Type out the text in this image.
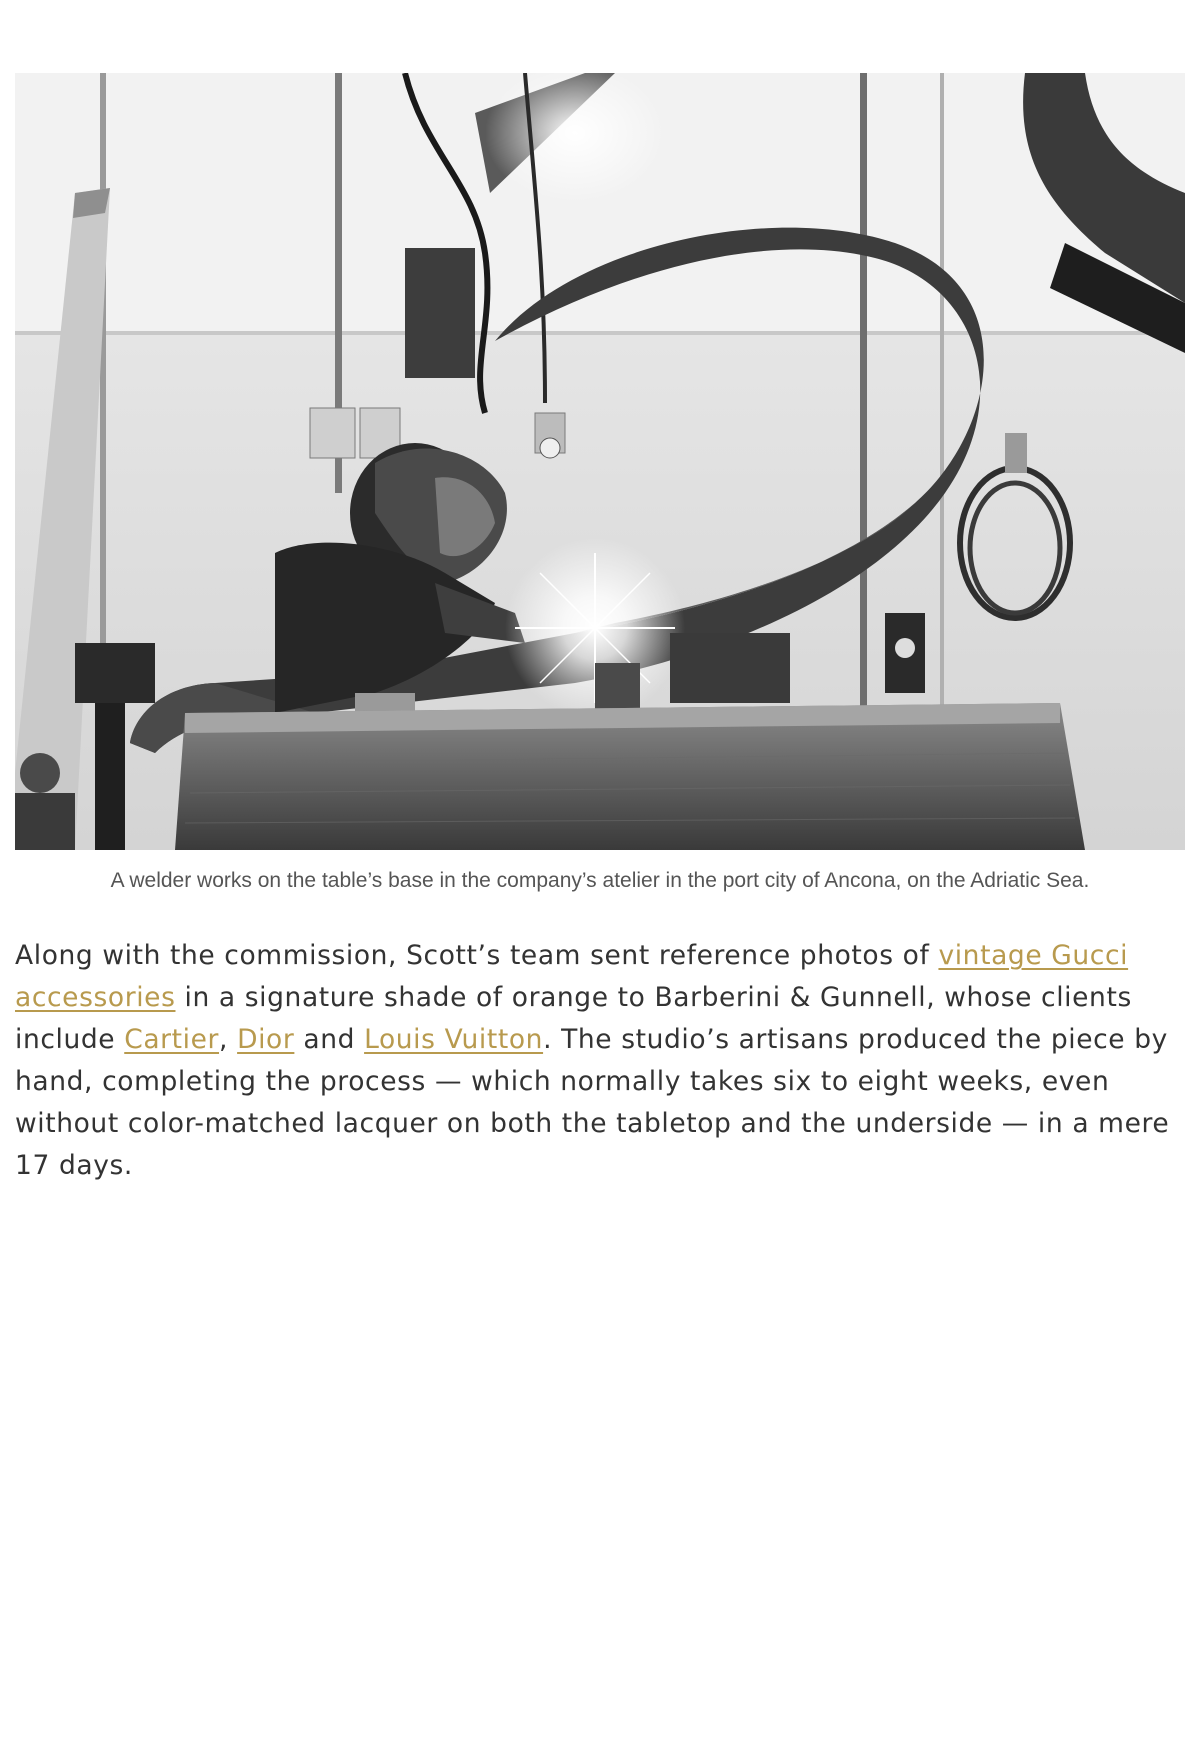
A welder works on the table’s base in the company’s atelier in the port city of Ancona, on the Adriatic Sea.

Along with the commission, Scott’s team sent reference photos of vintage Gucci accessories in a signature shade of orange to Barberini & Gunnell, whose clients include Cartier, Dior and Louis Vuitton. The studio’s artisans produced the piece by hand, completing the process — which normally takes six to eight weeks, even without color-matched lacquer on both the tabletop and the underside — in a mere 17 days.
